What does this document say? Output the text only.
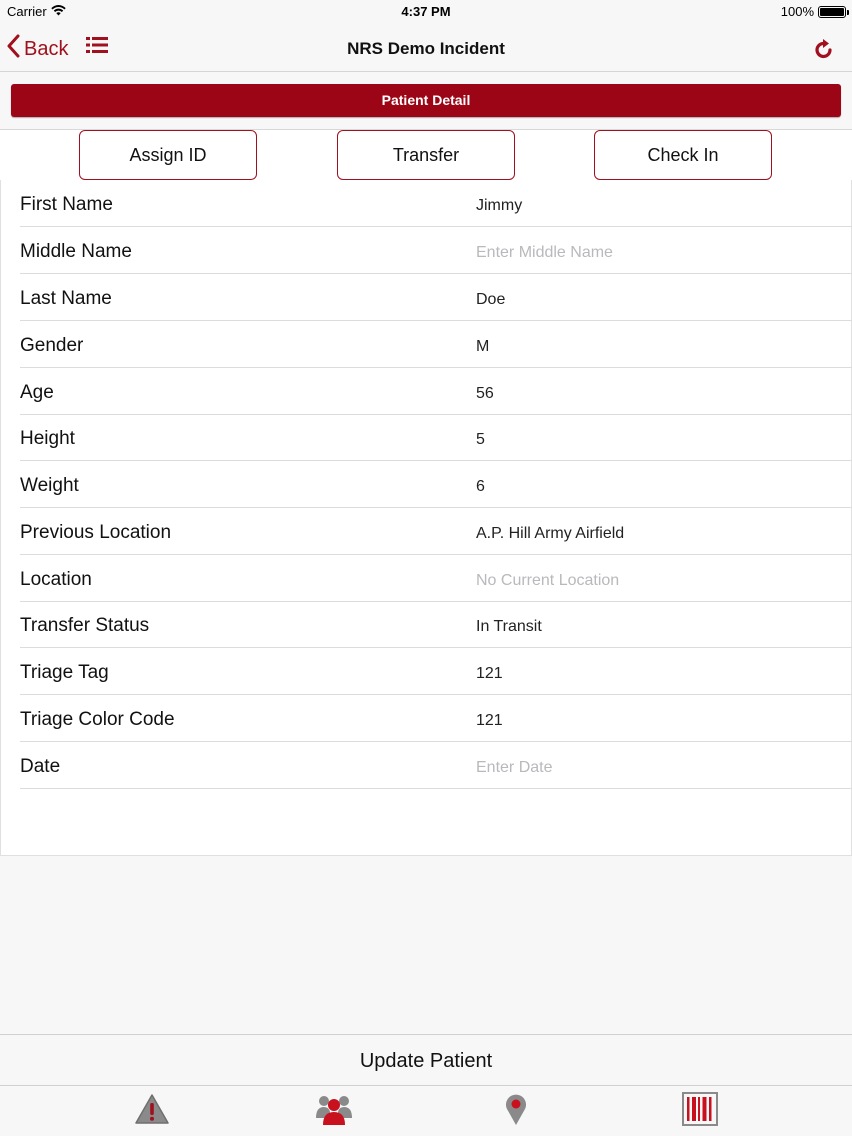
Carrier	4:37 PM	100%
Back	NRS Demo Incident
Patient Detail
Assign ID	Transfer	Check In
First Name	Jimmy
Middle Name	Enter Middle Name
Last Name	Doe
Gender	M
Age	56
Height	5
Weight	6
Previous Location	A.P. Hill Army Airfield
Location	No Current Location
Transfer Status	In Transit
Triage Tag	121
Triage Color Code	121
Date	Enter Date
Update Patient
